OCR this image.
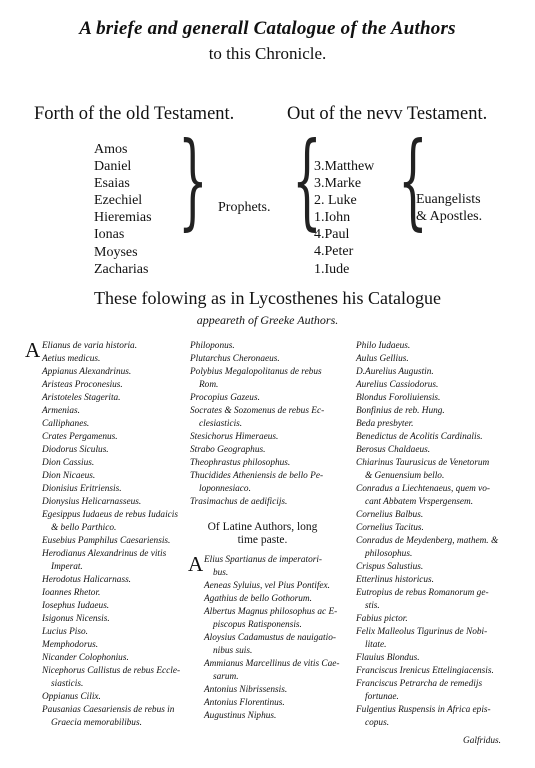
A briefe and generall Catalogue of the Authors
to this Chronicle.
Forth of the old Testament.	Out of the nevv Testament.
Amos
Daniel
Esaias
Ezechiel
Hieremias
Ionas
Moyses
Zacharias
} Prophets. {
3.Matthew
3.Marke
2. Luke
1.Iohn
4.Paul
4.Peter
1.Iude
{
Euangelists
& Apostles.
These folowing as in Lycosthenes his Catalogue
appeareth of Greeke Authors.
A Elianus de varia historia.
Aetius medicus.
Appianus Alexandrinus.
Aristeas Proconesius.
Aristoteles Stagerita.
Armenias.
Calliphanes.
Crates Pergamenus.
Diodorus Siculus.
Dion Cassius.
Dion Nicaeus.
Dionisius Eritriensis.
Dionysius Helicarnasseus.
Egesippus Iudaeus de rebus Iudaicis
& bello Parthico.
Eusebius Pamphilus Caesariensis.
Herodianus Alexandrinus de vitis
Imperat.
Herodotus Halicarnass.
Ioannes Rhetor.
Iosephus Iudaeus.
Isigonus Nicensis.
Lucius Piso.
Memphodorus.
Nicander Colophonius.
Nicephorus Callistus de rebus Eccle-
siasticis.
Oppianus Cilix.
Pausanias Caesariensis de rebus in
Graecia memorabilibus.
Philoponus.
Plutarchus Cheronaeus.
Polybius Megalopolitanus de rebus
Rom.
Procopius Gazeus.
Socrates & Sozomenus de rebus Ec-
clesiasticis.
Stesichorus Himeraeus.
Strabo Geographus.
Theophrastus philosophus.
Thucidides Atheniensis de bello Pe-
loponnesiaco.
Trasimachus de aedificijs.
Of Latine Authors, long
time paste.
A Elius Spartianus de imperatori-
bus.
Aeneas Syluius, vel Pius Pontifex.
Agathius de bello Gothorum.
Albertus Magnus philosophus ac E-
piscopus Ratisponensis.
Aloysius Cadamustus de nauigatio-
nibus suis.
Ammianus Marcellinus de vitis Cae-
sarum.
Antonius Nibrissensis.
Antonius Florentinus.
Augustinus Niphus.
Philo Iudaeus.
Aulus Gellius.
D.Aurelius Augustin.
Aurelius Cassiodorus.
Blondus Foroliuiensis.
Bonfinius de reb. Hung.
Beda presbyter.
Benedictus de Acolitis Cardinalis.
Berosus Chaldaeus.
Chiarinus Taurusicus de Venetorum
& Genuensium bello.
Conradus a Liechtenaeus, quem vo-
cant Abbatem Vrspergensem.
Cornelius Balbus.
Cornelius Tacitus.
Conradus de Meydenberg, mathem. &
philosophus.
Crispus Salustius.
Etterlinus historicus.
Eutropius de rebus Romanorum ge-
stis.
Fabius pictor.
Felix Malleolus Tigurinus de Nobi-
litate.
Flauius Blondus.
Franciscus Irenicus Ettelingiacensis.
Franciscus Petrarcha de remedijs
fortunae.
Fulgentius Ruspensis in Africa epis-
copus.
Galfridus.
